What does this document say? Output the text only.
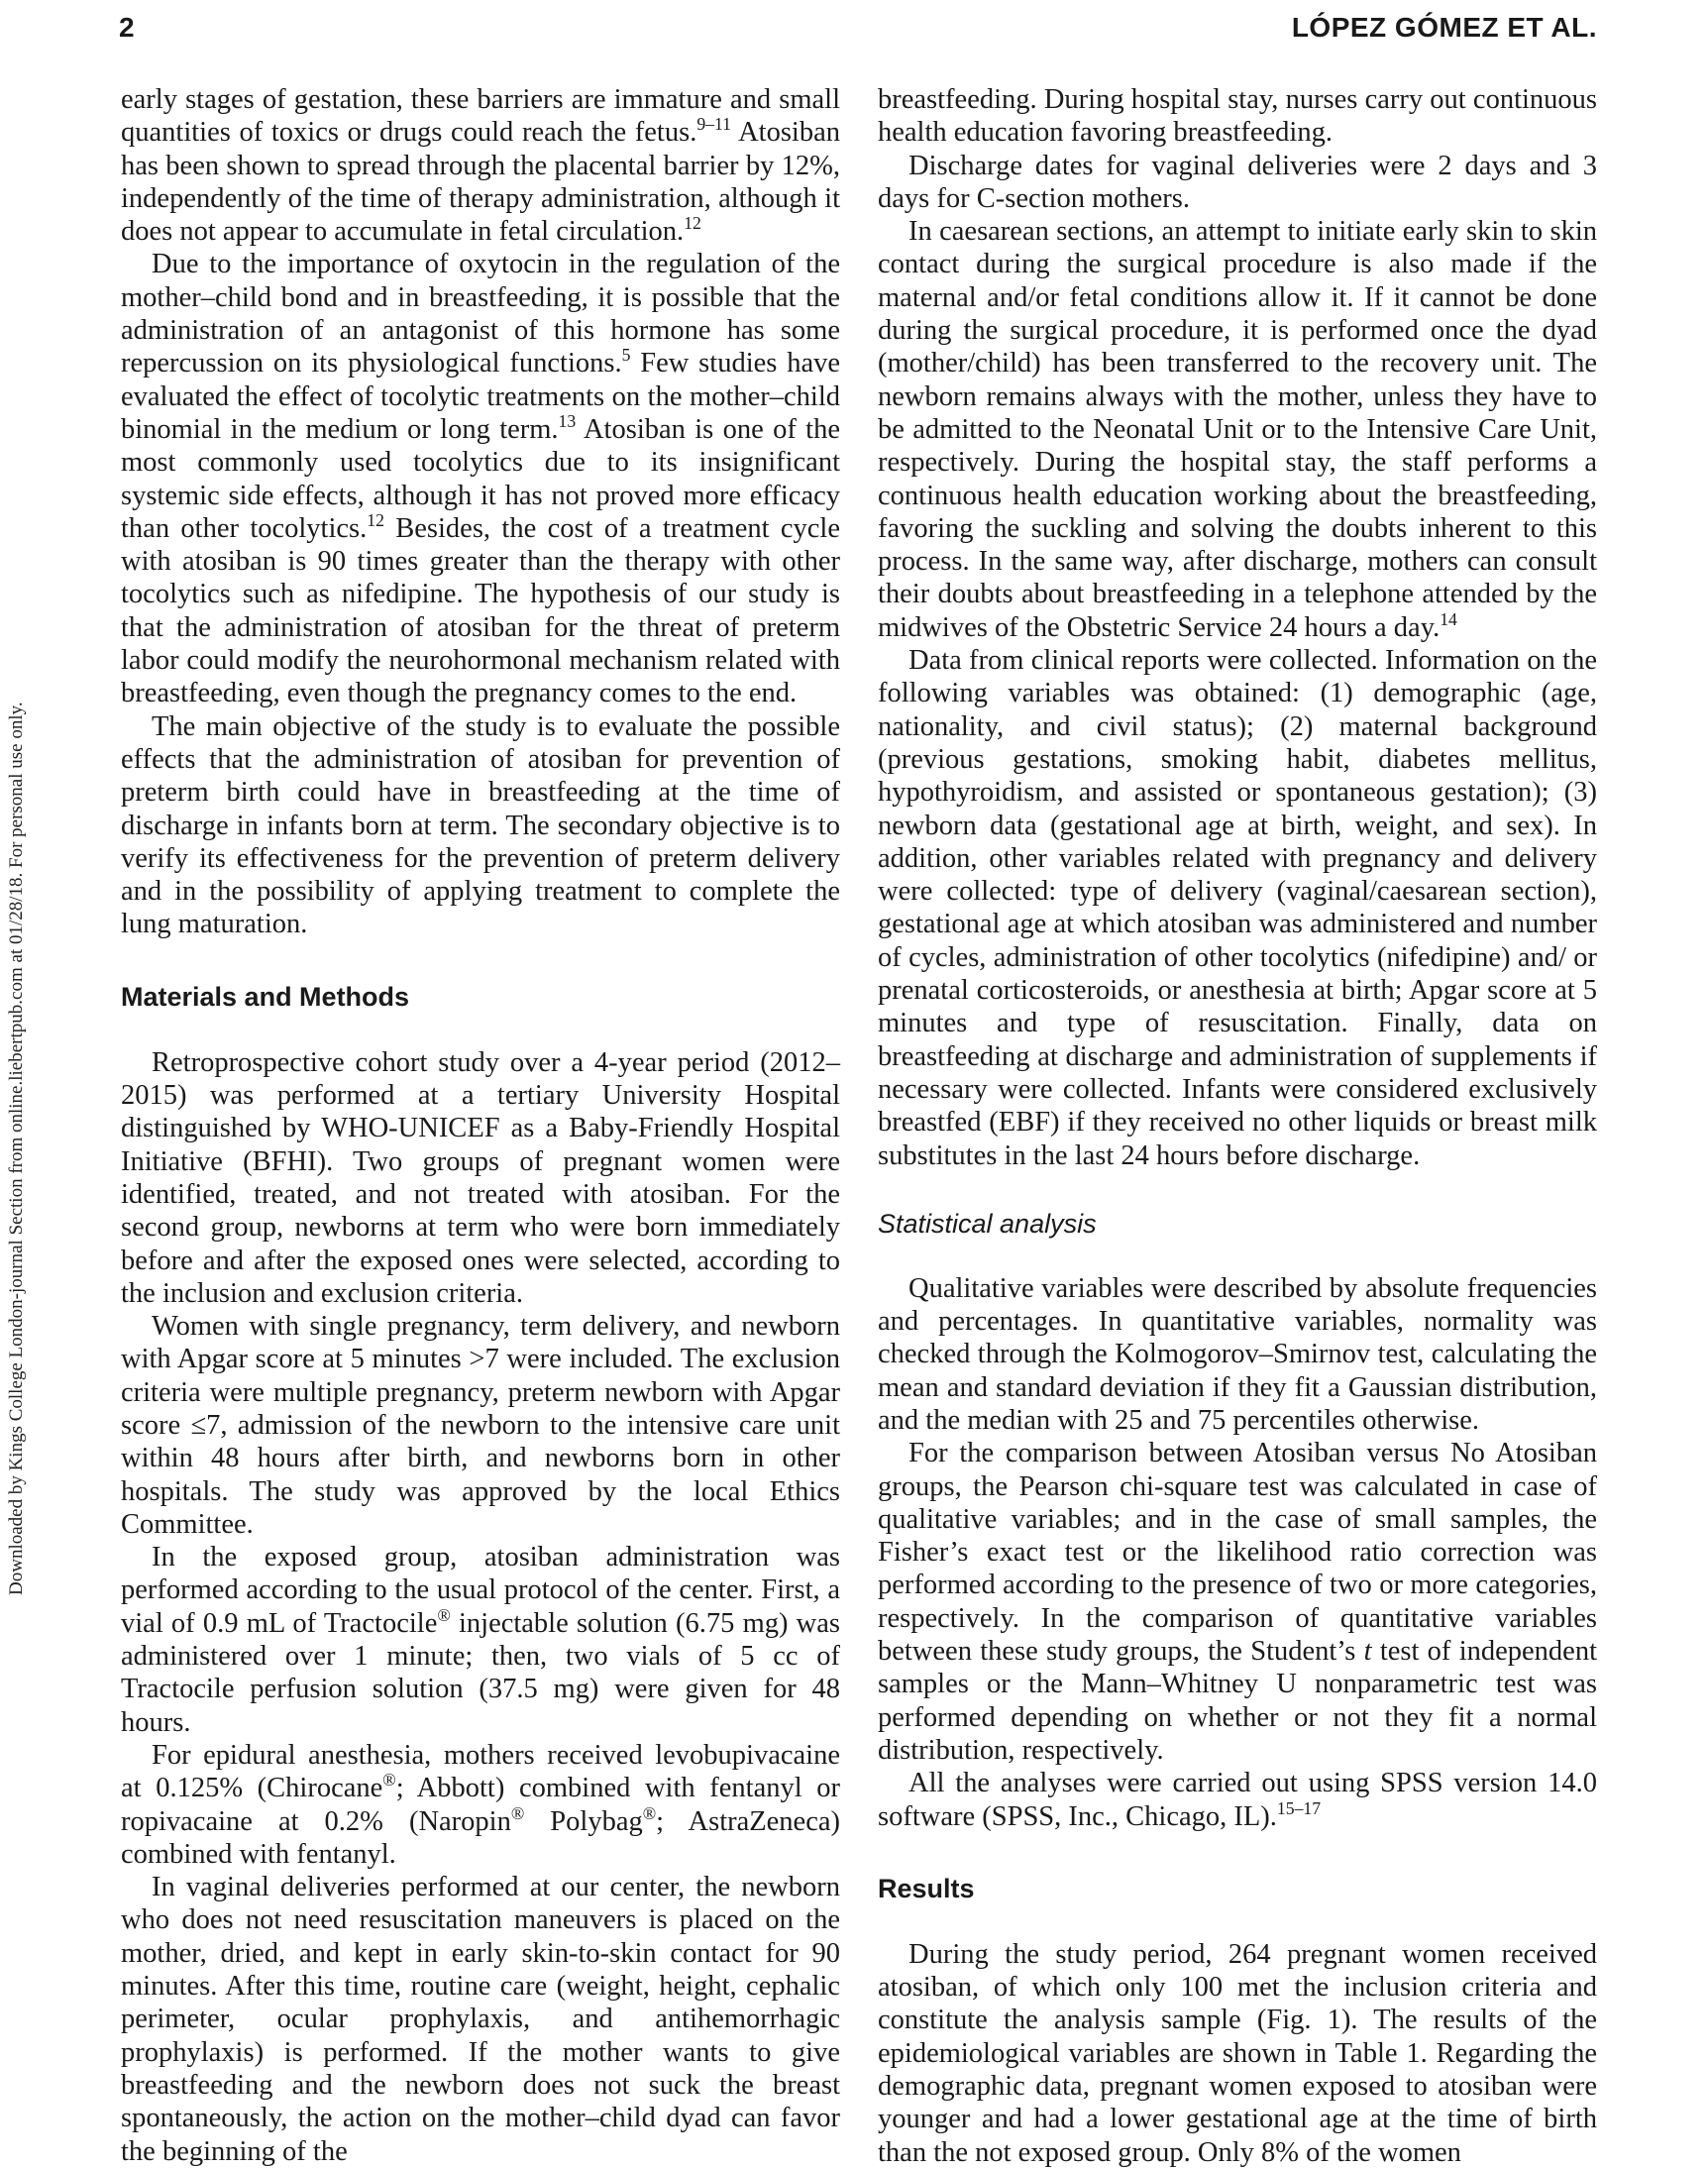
2	LÓPEZ GÓMEZ ET AL.
Downloaded by Kings College London-journal Section from online.liebertpub.com at 01/28/18. For personal use only.

early stages of gestation, these barriers are immature and small quantities of toxics or drugs could reach the fetus.$^{9-11}$ Atosiban has been shown to spread through the placental barrier by 12%, independently of the time of therapy administration, although it does not appear to accumulate in fetal circulation.$^{12}$

Due to the importance of oxytocin in the regulation of the mother–child bond and in breastfeeding, it is possible that the administration of an antagonist of this hormone has some repercussion on its physiological functions.$^5$ Few studies have evaluated the effect of tocolytic treatments on the mother–child binomial in the medium or long term.$^{13}$ Atosiban is one of the most commonly used tocolytics due to its insignificant systemic side effects, although it has not proved more efficacy than other tocolytics.$^{12}$ Besides, the cost of a treatment cycle with atosiban is 90 times greater than the therapy with other tocolytics such as nifedipine. The hypothesis of our study is that the administration of atosiban for the threat of preterm labor could modify the neurohormonal mechanism related with breastfeeding, even though the pregnancy comes to the end.

The main objective of the study is to evaluate the possible effects that the administration of atosiban for prevention of preterm birth could have in breastfeeding at the time of discharge in infants born at term. The secondary objective is to verify its effectiveness for the prevention of preterm delivery and in the possibility of applying treatment to complete the lung maturation.

Materials and Methods

Retroprospective cohort study over a 4-year period (2012–2015) was performed at a tertiary University Hospital distinguished by WHO-UNICEF as a Baby-Friendly Hospital Initiative (BFHI). Two groups of pregnant women were identified, treated, and not treated with atosiban. For the second group, newborns at term who were born immediately before and after the exposed ones were selected, according to the inclusion and exclusion criteria.

Women with single pregnancy, term delivery, and newborn with Apgar score at 5 minutes >7 were included. The exclusion criteria were multiple pregnancy, preterm newborn with Apgar score ≤7, admission of the newborn to the intensive care unit within 48 hours after birth, and newborns born in other hospitals. The study was approved by the local Ethics Committee.

In the exposed group, atosiban administration was performed according to the usual protocol of the center. First, a vial of 0.9 mL of Tractocile® injectable solution (6.75 mg) was administered over 1 minute; then, two vials of 5 cc of Tractocile perfusion solution (37.5 mg) were given for 48 hours.

For epidural anesthesia, mothers received levobupivacaine at 0.125% (Chirocane®; Abbott) combined with fentanyl or ropivacaine at 0.2% (Naropin® Polybag®; AstraZeneca) combined with fentanyl.

In vaginal deliveries performed at our center, the newborn who does not need resuscitation maneuvers is placed on the mother, dried, and kept in early skin-to-skin contact for 90 minutes. After this time, routine care (weight, height, cephalic perimeter, ocular prophylaxis, and antihemorrhagic prophylaxis) is performed. If the mother wants to give breastfeeding and the newborn does not suck the breast spontaneously, the action on the mother–child dyad can favor the beginning of the

breastfeeding. During hospital stay, nurses carry out continuous health education favoring breastfeeding.

Discharge dates for vaginal deliveries were 2 days and 3 days for C-section mothers.

In caesarean sections, an attempt to initiate early skin to skin contact during the surgical procedure is also made if the maternal and/or fetal conditions allow it. If it cannot be done during the surgical procedure, it is performed once the dyad (mother/child) has been transferred to the recovery unit. The newborn remains always with the mother, unless they have to be admitted to the Neonatal Unit or to the Intensive Care Unit, respectively. During the hospital stay, the staff performs a continuous health education working about the breastfeeding, favoring the suckling and solving the doubts inherent to this process. In the same way, after discharge, mothers can consult their doubts about breastfeeding in a telephone attended by the midwives of the Obstetric Service 24 hours a day.$^{14}$

Data from clinical reports were collected. Information on the following variables was obtained: (1) demographic (age, nationality, and civil status); (2) maternal background (previous gestations, smoking habit, diabetes mellitus, hypothyroidism, and assisted or spontaneous gestation); (3) newborn data (gestational age at birth, weight, and sex). In addition, other variables related with pregnancy and delivery were collected: type of delivery (vaginal/caesarean section), gestational age at which atosiban was administered and number of cycles, administration of other tocolytics (nifedipine) and/ or prenatal corticosteroids, or anesthesia at birth; Apgar score at 5 minutes and type of resuscitation. Finally, data on breastfeeding at discharge and administration of supplements if necessary were collected. Infants were considered exclusively breastfed (EBF) if they received no other liquids or breast milk substitutes in the last 24 hours before discharge.

Statistical analysis

Qualitative variables were described by absolute frequencies and percentages. In quantitative variables, normality was checked through the Kolmogorov–Smirnov test, calculating the mean and standard deviation if they fit a Gaussian distribution, and the median with 25 and 75 percentiles otherwise.

For the comparison between Atosiban versus No Atosiban groups, the Pearson chi-square test was calculated in case of qualitative variables; and in the case of small samples, the Fisher’s exact test or the likelihood ratio correction was performed according to the presence of two or more categories, respectively. In the comparison of quantitative variables between these study groups, the Student’s t test of independent samples or the Mann–Whitney U nonparametric test was performed depending on whether or not they fit a normal distribution, respectively.

All the analyses were carried out using SPSS version 14.0 software (SPSS, Inc., Chicago, IL).$^{15-17}$

Results

During the study period, 264 pregnant women received atosiban, of which only 100 met the inclusion criteria and constitute the analysis sample (Fig. 1). The results of the epidemiological variables are shown in Table 1. Regarding the demographic data, pregnant women exposed to atosiban were younger and had a lower gestational age at the time of birth than the not exposed group. Only 8% of the women
